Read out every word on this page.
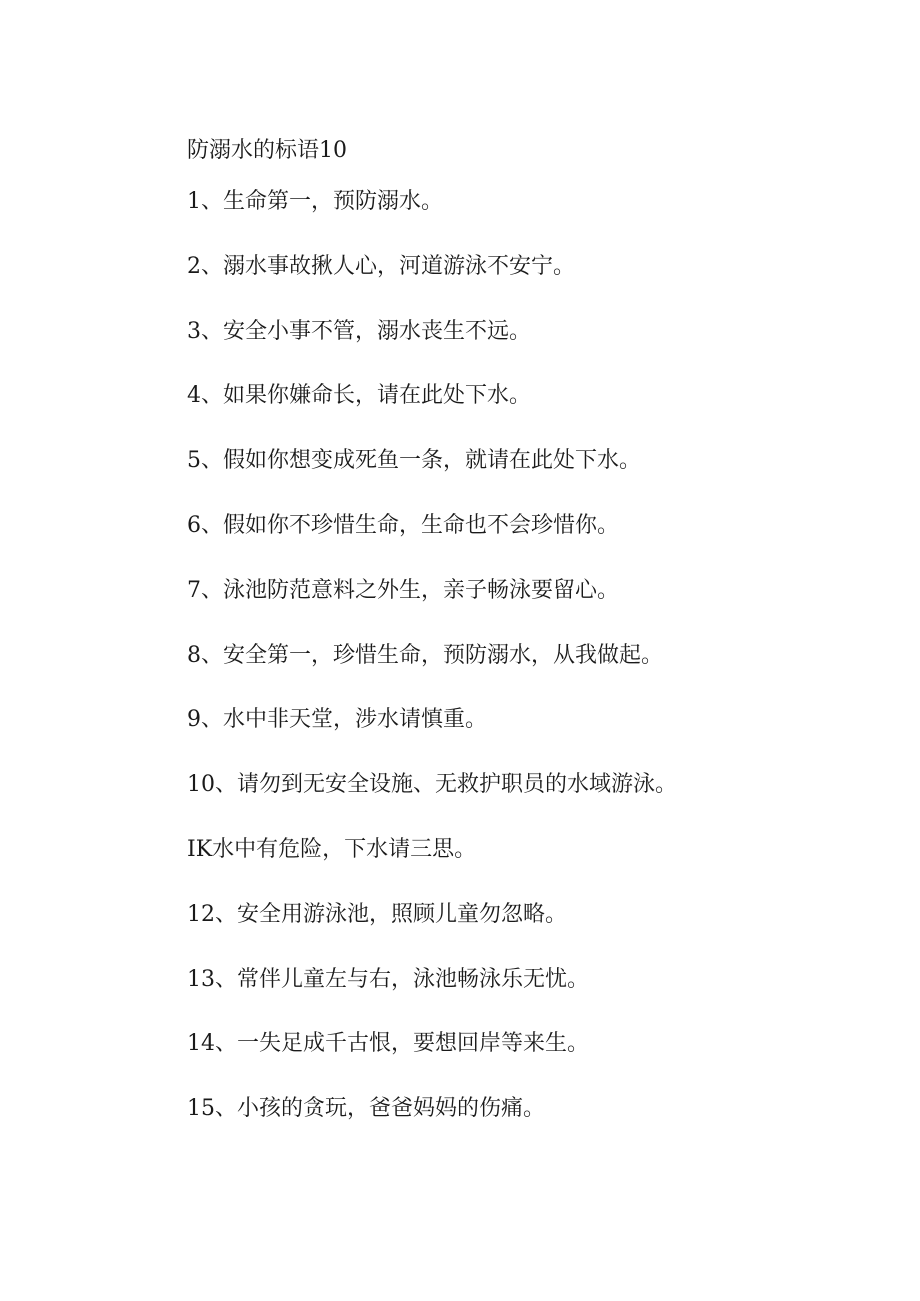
防溺水的标语10
1、生命第一，预防溺水。
2、溺水事故揪人心，河道游泳不安宁。
3、安全小事不管，溺水丧生不远。
4、如果你嫌命长，请在此处下水。
5、假如你想变成死鱼一条，就请在此处下水。
6、假如你不珍惜生命，生命也不会珍惜你。
7、泳池防范意料之外生，亲子畅泳要留心。
8、安全第一，珍惜生命，预防溺水，从我做起。
9、水中非天堂，涉水请慎重。
10、请勿到无安全设施、无救护职员的水域游泳。
IK水中有危险，下水请三思。
12、安全用游泳池，照顾儿童勿忽略。
13、常伴儿童左与右，泳池畅泳乐无忧。
14、一失足成千古恨，要想回岸等来生。
15、小孩的贪玩，爸爸妈妈的伤痛。
